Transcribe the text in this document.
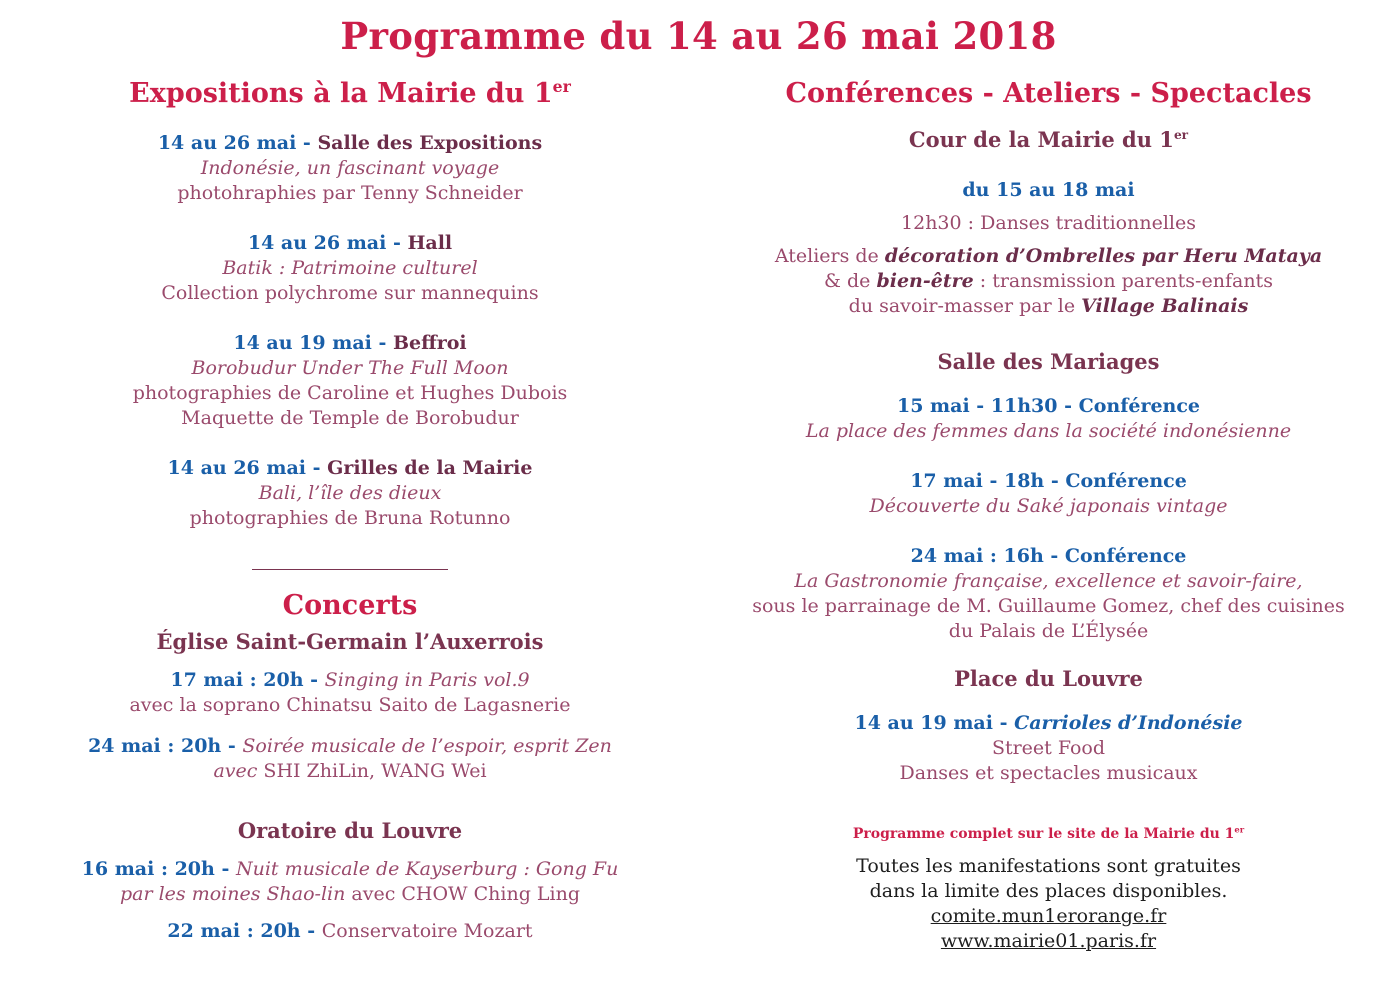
Programme du 14 au 26 mai 2018
Expositions à la Mairie du 1er
14 au 26 mai - Salle des Expositions
Indonésie, un fascinant voyage
photohraphies par Tenny Schneider
14 au 26 mai - Hall
Batik : Patrimoine culturel
Collection polychrome sur mannequins
14 au 19 mai - Beffroi
Borobudur Under The Full Moon
photographies de Caroline et Hughes Dubois
Maquette de Temple de Borobudur
14 au 26 mai - Grilles de la Mairie
Bali, l’île des dieux
photographies de Bruna Rotunno
Concerts
Église Saint-Germain l’Auxerrois
17 mai : 20h - Singing in Paris vol.9
avec la soprano Chinatsu Saito de Lagasnerie
24 mai : 20h - Soirée musicale de l’espoir, esprit Zen
avec SHI ZhiLin, WANG Wei
Oratoire du Louvre
16 mai : 20h - Nuit musicale de Kayserburg : Gong Fu
par les moines Shao-lin avec CHOW Ching Ling
22 mai : 20h - Conservatoire Mozart
Conférences - Ateliers - Spectacles
Cour de la Mairie du 1er
du 15 au 18 mai
12h30 : Danses traditionnelles
Ateliers de décoration d’Ombrelles par Heru Mataya
& de bien-être : transmission parents-enfants
du savoir-masser par le Village Balinais
Salle des Mariages
15 mai - 11h30 - Conférence
La place des femmes dans la société indonésienne
17 mai - 18h - Conférence
Découverte du Saké japonais vintage
24 mai : 16h - Conférence
La Gastronomie française, excellence et savoir-faire,
sous le parrainage de M. Guillaume Gomez, chef des cuisines
du Palais de L’Élysée
Place du Louvre
14 au 19 mai - Carrioles d’Indonésie
Street Food
Danses et spectacles musicaux
Programme complet sur le site de la Mairie du 1er
Toutes les manifestations sont gratuites
dans la limite des places disponibles.
comite.mun1erorange.fr
www.mairie01.paris.fr
